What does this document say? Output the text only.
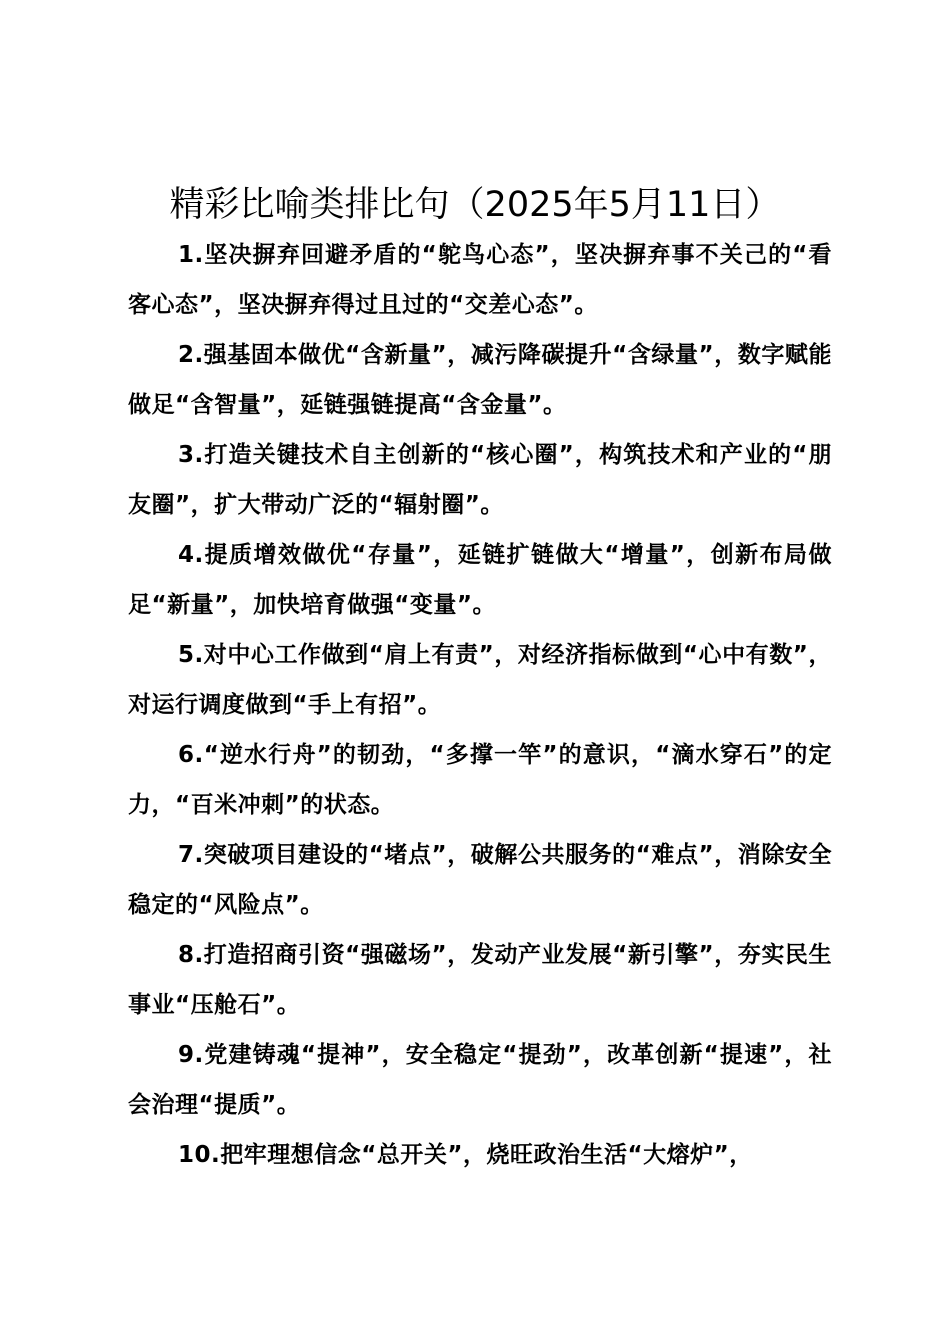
精彩比喻类排比句（2025年5月11日）

1.坚决摒弃回避矛盾的“鸵鸟心态”，坚决摒弃事不关己的“看客心态”，坚决摒弃得过且过的“交差心态”。

2.强基固本做优“含新量”，减污降碳提升“含绿量”，数字赋能做足“含智量”，延链强链提高“含金量”。

3.打造关键技术自主创新的“核心圈”，构筑技术和产业的“朋友圈”，扩大带动广泛的“辐射圈”。

4.提质增效做优“存量”，延链扩链做大“增量”，创新布局做足“新量”，加快培育做强“变量”。

5.对中心工作做到“肩上有责”，对经济指标做到“心中有数”，对运行调度做到“手上有招”。

6.“逆水行舟”的韧劲，“多撑一竿”的意识，“滴水穿石”的定力，“百米冲刺”的状态。

7.突破项目建设的“堵点”，破解公共服务的“难点”，消除安全稳定的“风险点”。

8.打造招商引资“强磁场”，发动产业发展“新引擎”，夯实民生事业“压舱石”。

9.党建铸魂“提神”，安全稳定“提劲”，改革创新“提速”，社会治理“提质”。

10.把牢理想信念“总开关”，烧旺政治生活“大熔炉”，
